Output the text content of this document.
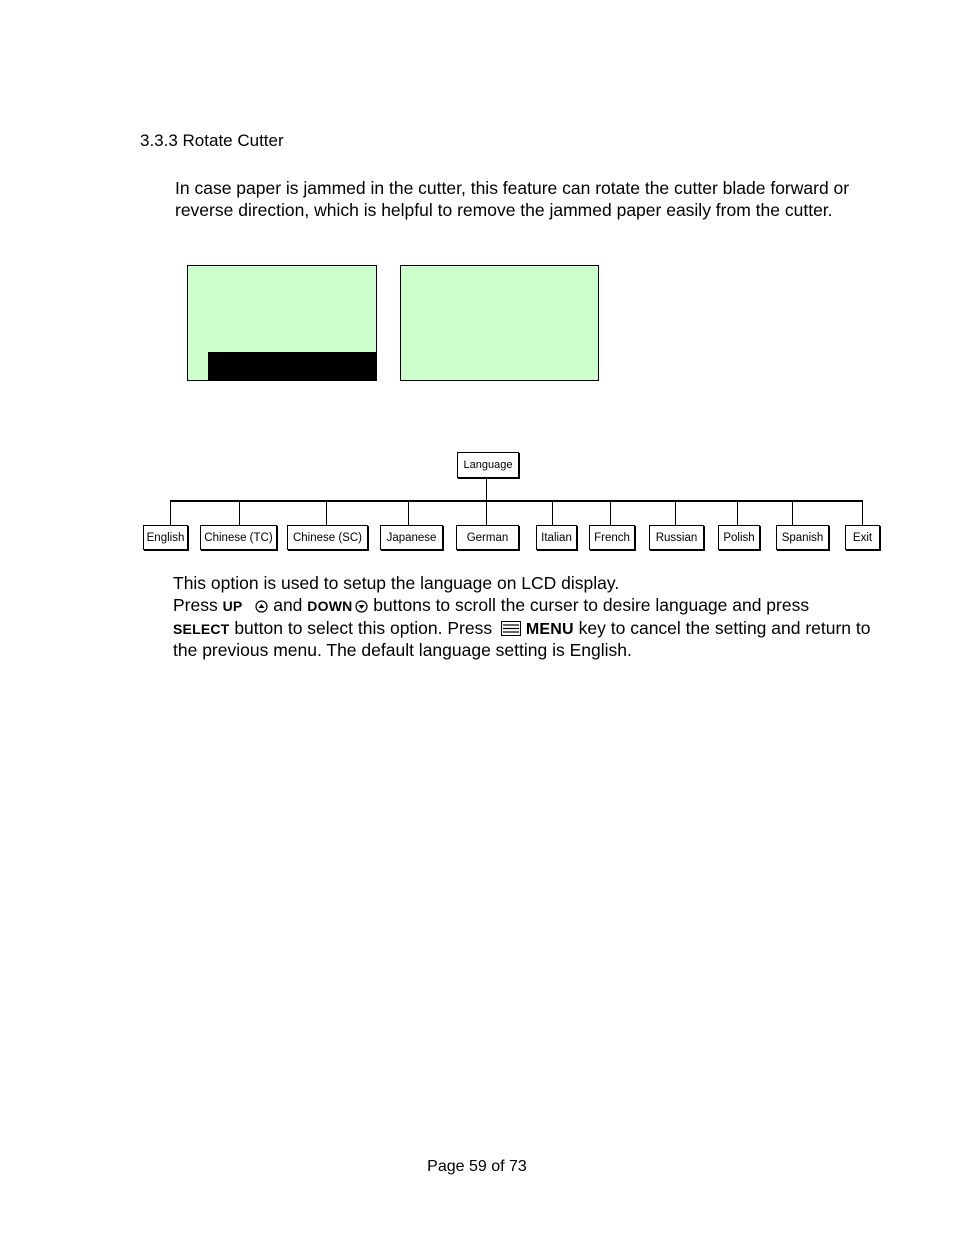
3.3.3 Rotate Cutter
In case paper is jammed in the cutter, this feature can rotate the cutter blade forward or reverse direction, which is helpful to remove the jammed paper easily from the cutter.
Language
English	Chinese (TC)	Chinese (SC)	Japanese	German	Italian	French	Russian	Polish	Spanish	Exit
This option is used to setup the language on LCD display.
Press UP and DOWN buttons to scroll the curser to desire language and press
SELECT button to select this option. Press MENU key to cancel the setting and return to the previous menu. The default language setting is English.
Page 59 of 73
